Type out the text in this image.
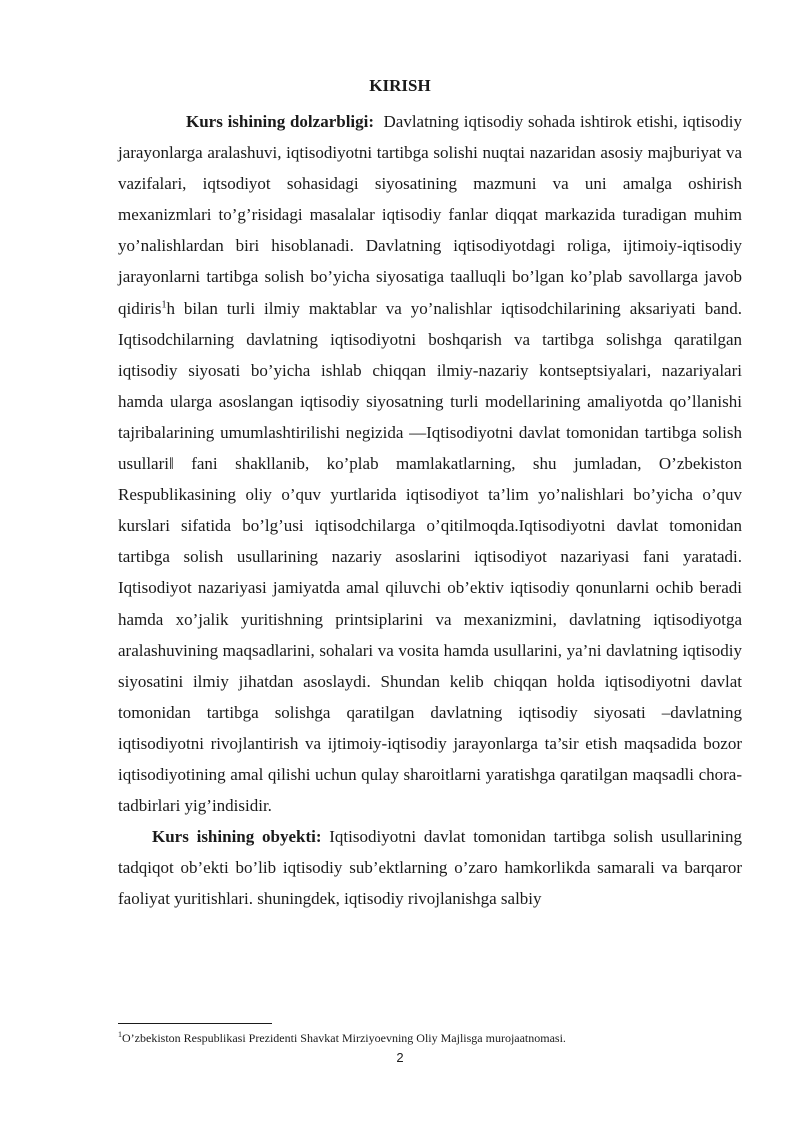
KIRISH

Kurs ishining dolzarbligi: Davlatning iqtisodiy sohada ishtirok etishi, iqtisodiy jarayonlarga aralashuvi, iqtisodiyotni tartibga solishi nuqtai nazaridan asosiy majburiyat va vazifalari, iqtsodiyot sohasidagi siyosatining mazmuni va uni amalga oshirish mexanizmlari to’g’risidagi masalalar iqtisodiy fanlar diqqat markazida turadigan muhim yo’nalishlardan biri hisoblanadi. Davlatning iqtisodiyotdagi roliga, ijtimoiy-iqtisodiy jarayonlarni tartibga solish bo’yicha siyosatiga taalluqli bo’lgan ko’plab savollarga javob qidiris$^1$h bilan turli ilmiy maktablar va yo’nalishlar iqtisodchilarining aksariyati band. Iqtisodchilarning davlatning iqtisodiyotni boshqarish va tartibga solishga qaratilgan iqtisodiy siyosati bo’yicha ishlab chiqqan ilmiy-nazariy kontseptsiyalari, nazariyalari hamda ularga asoslangan iqtisodiy siyosatning turli modellarining amaliyotda qo’llanishi tajribalarining umumlashtirilishi negizida ―Iqtisodiyotni davlat tomonidan tartibga solish usullari‖ fani shakllanib, ko’plab mamlakatlarning, shu jumladan, O’zbekiston Respublikasining oliy o’quv yurtlarida iqtisodiyot ta’lim yo’nalishlari bo’yicha o’quv kurslari sifatida bo’lg’usi iqtisodchilarga o’qitilmoqda.Iqtisodiyotni davlat tomonidan tartibga solish usullarining nazariy asoslarini iqtisodiyot nazariyasi fani yaratadi. Iqtisodiyot nazariyasi jamiyatda amal qiluvchi ob’ektiv iqtisodiy qonunlarni ochib beradi hamda xo’jalik yuritishning printsiplarini va mexanizmini, davlatning iqtisodiyotga aralashuvining maqsadlarini, sohalari va vosita hamda usullarini, ya’ni davlatning iqtisodiy siyosatini ilmiy jihatdan asoslaydi. Shundan kelib chiqqan holda iqtisodiyotni davlat tomonidan tartibga solishga qaratilgan davlatning iqtisodiy siyosati –davlatning iqtisodiyotni rivojlantirish va ijtimoiy-iqtisodiy jarayonlarga ta’sir etish maqsadida bozor iqtisodiyotining amal qilishi uchun qulay sharoitlarni yaratishga qaratilgan maqsadli chora-tadbirlari yig’indisidir.

Kurs ishining obyekti: Iqtisodiyotni davlat tomonidan tartibga solish usullarining tadqiqot ob’ekti bo’lib iqtisodiy sub’ektlarning o’zaro hamkorlikda samarali va barqaror faoliyat yuritishlari. shuningdek, iqtisodiy rivojlanishga salbiy

$^1$O’zbekiston Respublikasi Prezidenti Shavkat Mirziyoevning Oliy Majlisga murojaatnomasi.

2
